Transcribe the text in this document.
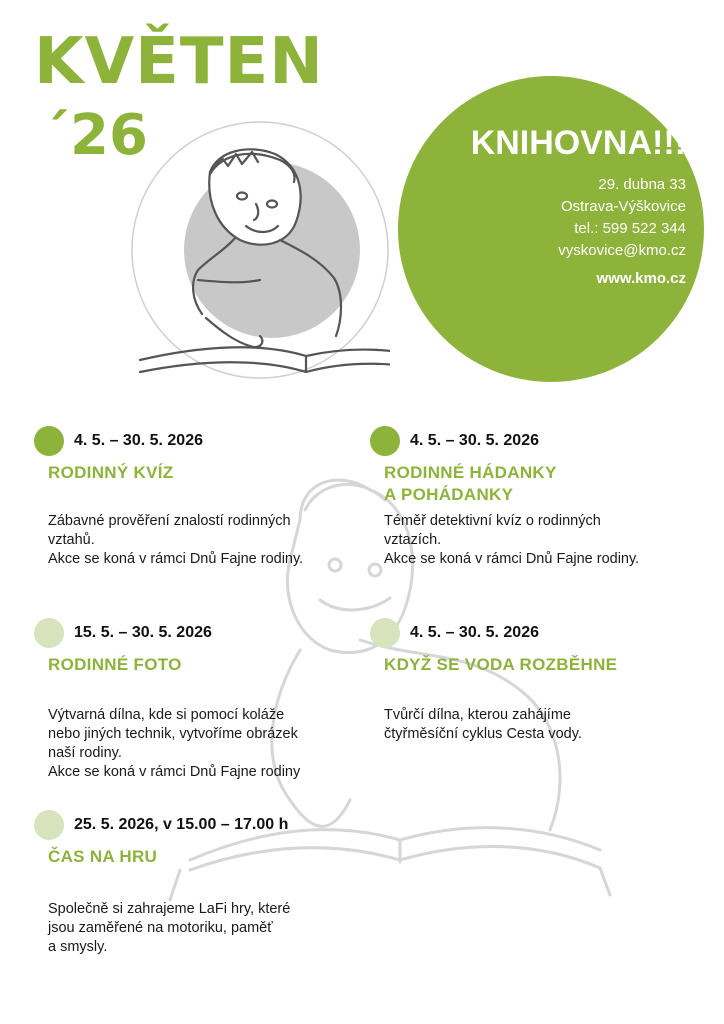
KVĚTEN
´26	KNIHOVNA!!!
29. dubna 33
Ostrava-Výškovice
tel.: 599 522 344
vyskovice@kmo.cz
www.kmo.cz
4. 5. – 30. 5. 2026
RODINNÝ KVÍZ
Zábavné prověření znalostí rodinných
vztahů.
Akce se koná v rámci Dnů Fajne rodiny.
4. 5. – 30. 5. 2026
RODINNÉ HÁDANKY
A POHÁDANKY
Téměř detektivní kvíz o rodinných
vztazích.
Akce se koná v rámci Dnů Fajne rodiny.
15. 5. – 30. 5. 2026
RODINNÉ FOTO
Výtvarná dílna, kde si pomocí koláže
nebo jiných technik, vytvoříme obrázek
naší rodiny.
Akce se koná v rámci Dnů Fajne rodiny
4. 5. – 30. 5. 2026
KDYŽ SE VODA ROZBĚHNE
Tvůrčí dílna, kterou zahájíme
čtyřměsíční cyklus Cesta vody.
25. 5. 2026, v 15.00 – 17.00 h
ČAS NA HRU
Společně si zahrajeme LaFi hry, které
jsou zaměřené na motoriku, paměť
a smysly.
